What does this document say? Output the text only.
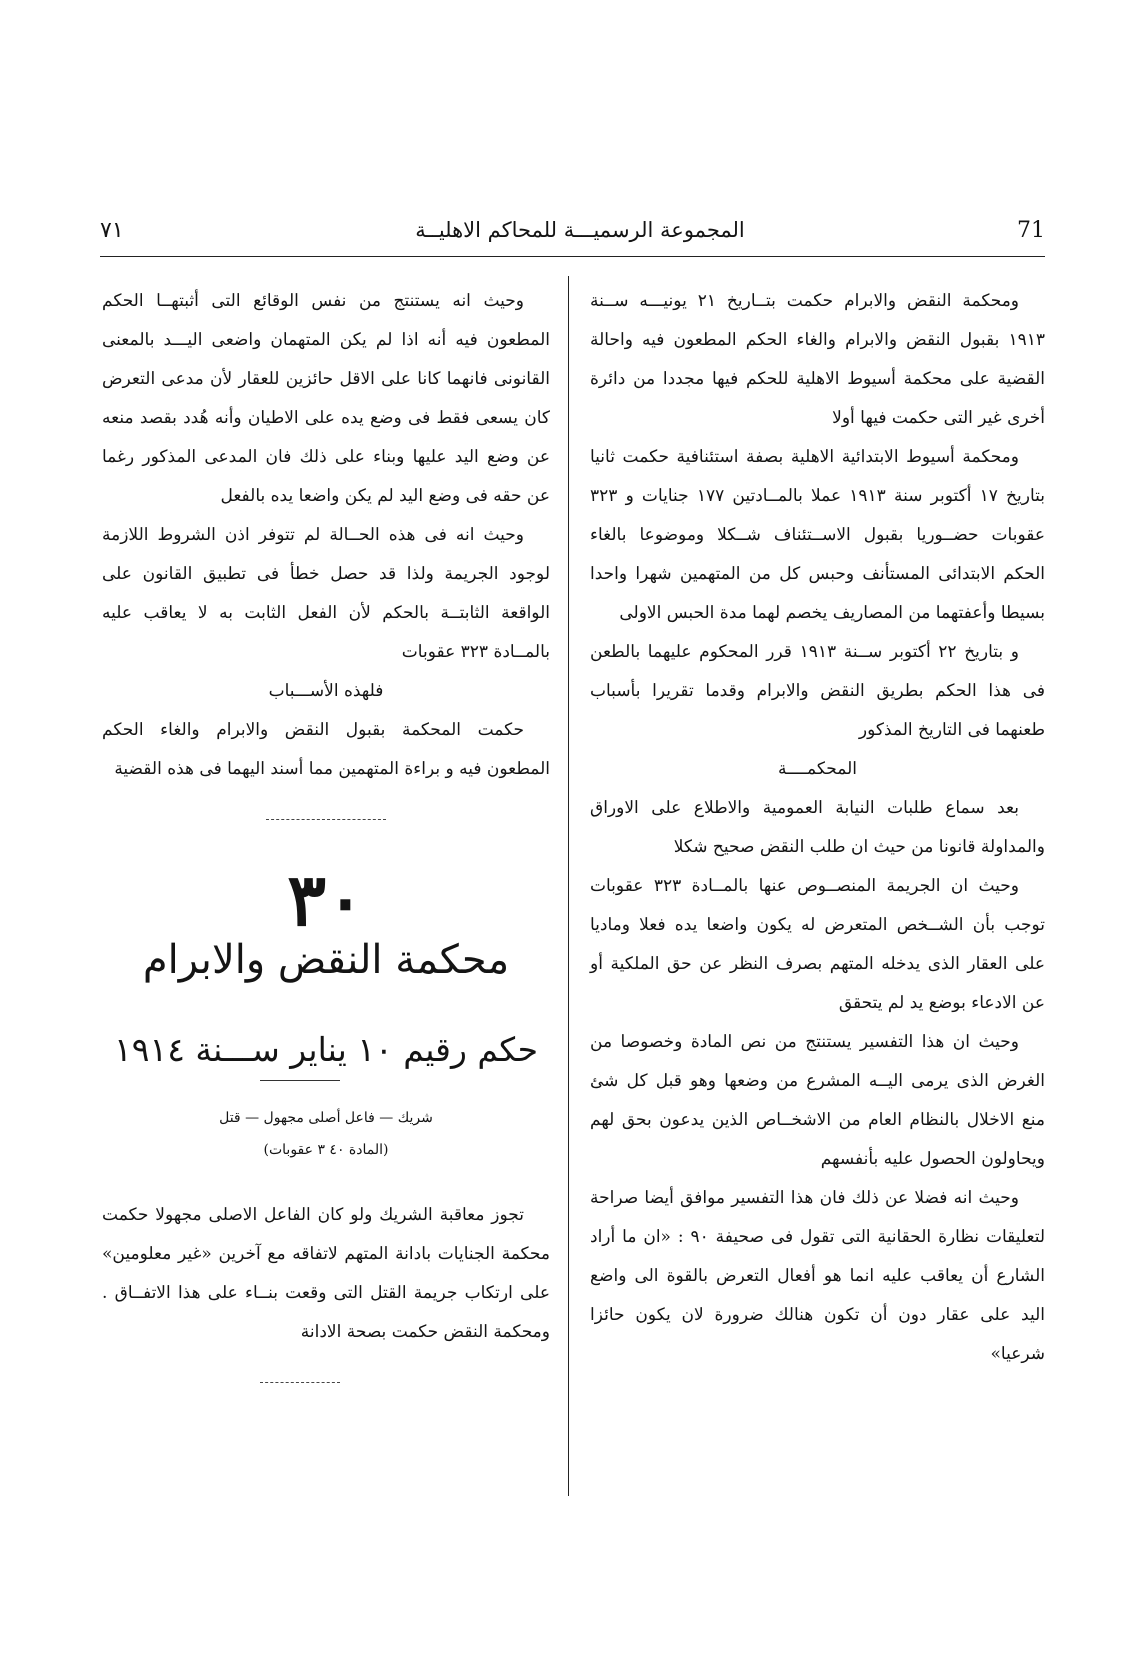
71
المجموعة الرسميـــة للمحاكم الاهليــة
٧١

ومحكمة النقض والابرام حكمت بتــاريخ ٢١ يونيـــه ســنة ١٩١٣ بقبول النقض والابرام والغاء الحكم المطعون فيه واحالة القضية على محكمة أسيوط الاهلية للحكم فيها مجددا من دائرة أخرى غير التى حكمت فيها أولا

ومحكمة أسيوط الابتدائية الاهلية بصفة استئنافية حكمت ثانيا بتاريخ ١٧ أكتوبر سنة ١٩١٣ عملا بالمــادتين ١٧٧ جنايات و ٣٢٣ عقوبات حضــوريا بقبول الاســتئناف شــكلا وموضوعا بالغاء الحكم الابتدائى المستأنف وحبس كل من المتهمين شهرا واحدا بسيطا وأعفتهما من المصاريف يخصم لهما مدة الحبس الاولى

و بتاريخ ٢٢ أكتوبر ســنة ١٩١٣ قرر المحكوم عليهما بالطعن فى هذا الحكم بطريق النقض والابرام وقدما تقريرا بأسباب طعنهما فى التاريخ المذكور

المحكمــــة

بعد سماع طلبات النيابة العمومية والاطلاع على الاوراق والمداولة قانونا من حيث ان طلب النقض صحيح شكلا

وحيث ان الجريمة المنصــوص عنها بالمــادة ٣٢٣ عقوبات توجب بأن الشــخص المتعرض له يكون واضعا يده فعلا وماديا على العقار الذى يدخله المتهم بصرف النظر عن حق الملكية أو عن الادعاء بوضع يد لم يتحقق

وحيث ان هذا التفسير يستنتج من نص المادة وخصوصا من الغرض الذى يرمى اليــه المشرع من وضعها وهو قبل كل شئ منع الاخلال بالنظام العام من الاشخــاص الذين يدعون بحق لهم ويحاولون الحصول عليه بأنفسهم

وحيث انه فضلا عن ذلك فان هذا التفسير موافق أيضا صراحة لتعليقات نظارة الحقانية التى تقول فى صحيفة ٩٠ : «ان ما أراد الشارع أن يعاقب عليه انما هو أفعال التعرض بالقوة الى واضع اليد على عقار دون أن تكون هنالك ضرورة لان يكون حائزا شرعيا»

وحيث انه يستنتج من نفس الوقائع التى أثبتهــا الحكم المطعون فيه أنه اذا لم يكن المتهمان واضعى اليـــد بالمعنى القانونى فانهما كانا على الاقل حائزين للعقار لأن مدعى التعرض كان يسعى فقط فى وضع يده على الاطيان وأنه هُدد بقصد منعه عن وضع اليد عليها وبناء على ذلك فان المدعى المذكور رغما عن حقه فى وضع اليد لم يكن واضعا يده بالفعل

وحيث انه فى هذه الحــالة لم تتوفر اذن الشروط اللازمة لوجود الجريمة ولذا قد حصل خطأ فى تطبيق القانون على الواقعة الثابتــة بالحكم لأن الفعل الثابت به لا يعاقب عليه بالمــادة ٣٢٣ عقوبات

فلهذه الأســـباب

حكمت المحكمة بقبول النقض والابرام والغاء الحكم المطعون فيه و براءة المتهمين مما أسند اليهما فى هذه القضية

٣٠
محكمة النقض والابرام
حكم رقيم ١٠ يناير ســـنة ١٩١٤
شريك — فاعل أصلى مجهول — قتل
(المادة ٤٠ ٣ عقوبات)

تجوز معاقبة الشريك ولو كان الفاعل الاصلى مجهولا حكمت محكمة الجنايات بادانة المتهم لاتفاقه مع آخرين «غير معلومين» على ارتكاب جريمة القتل التى وقعت بنــاء على هذا الاتفــاق . ومحكمة النقض حكمت بصحة الادانة
